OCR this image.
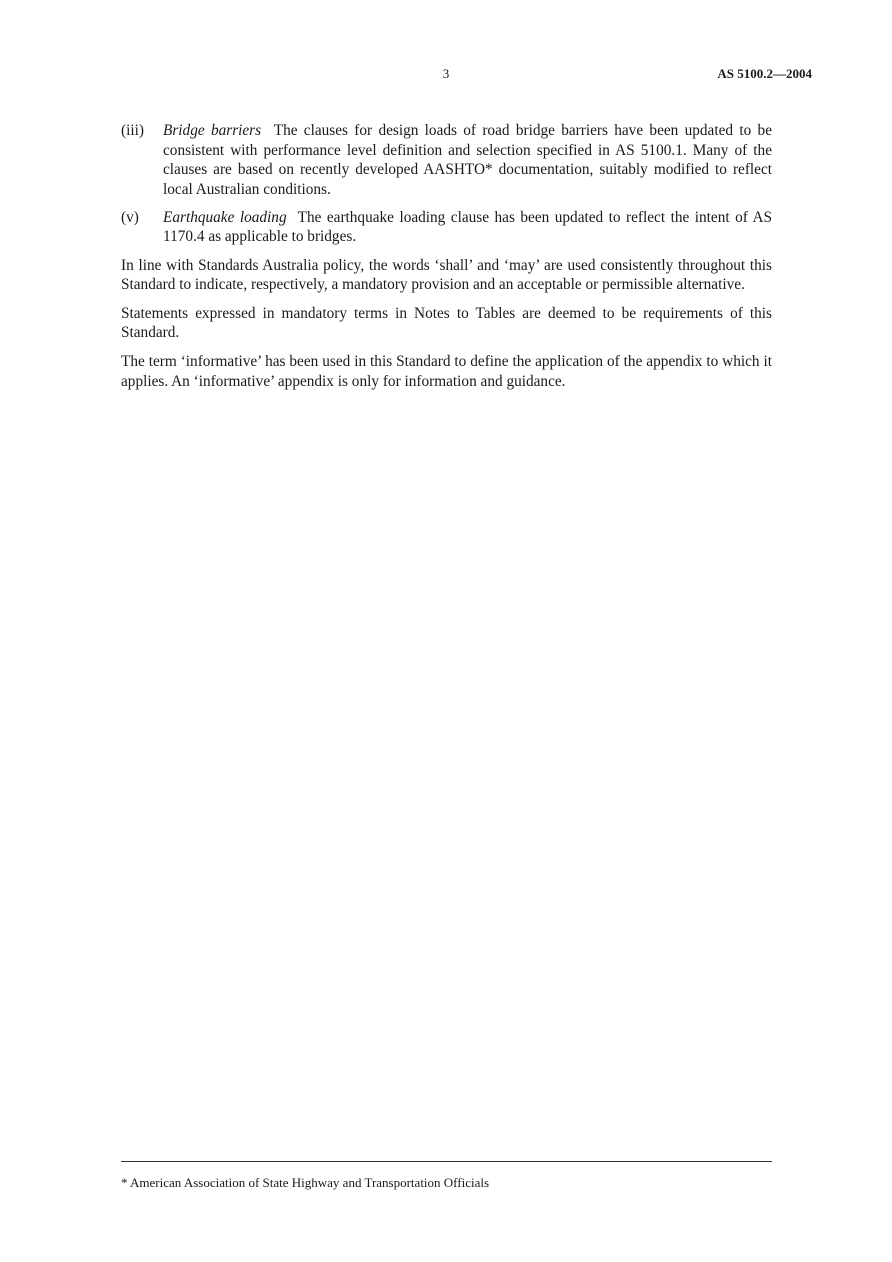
3	AS 5100.2—2004
(iii)	Bridge barriers The clauses for design loads of road bridge barriers have been updated to be consistent with performance level definition and selection specified in AS 5100.1. Many of the clauses are based on recently developed AASHTO* documentation, suitably modified to reflect local Australian conditions.
(v)	Earthquake loading The earthquake loading clause has been updated to reflect the intent of AS 1170.4 as applicable to bridges.

In line with Standards Australia policy, the words ‘shall’ and ‘may’ are used consistently throughout this Standard to indicate, respectively, a mandatory provision and an acceptable or permissible alternative.

Statements expressed in mandatory terms in Notes to Tables are deemed to be requirements of this Standard.

The term ‘informative’ has been used in this Standard to define the application of the appendix to which it applies. An ‘informative’ appendix is only for information and guidance.

* American Association of State Highway and Transportation Officials
